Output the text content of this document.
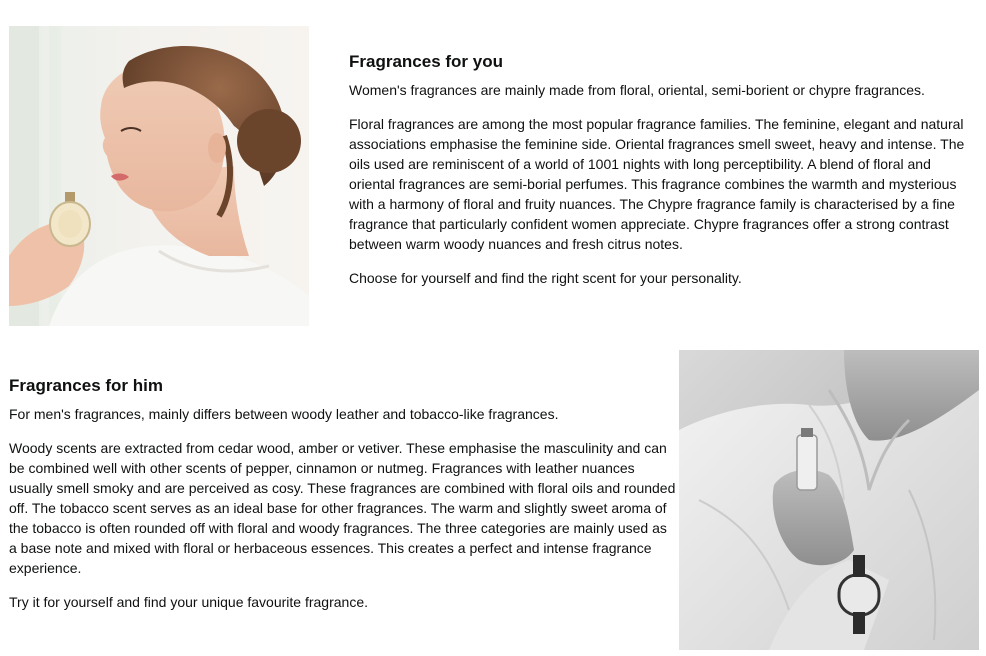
Fragrances for you

Women's fragrances are mainly made from floral, oriental, semi-borient or chypre fragrances.

Floral fragrances are among the most popular fragrance families. The feminine, elegant and natural associations emphasise the feminine side. Oriental fragrances smell sweet, heavy and intense. The oils used are reminiscent of a world of 1001 nights with long perceptibility. A blend of floral and oriental fragrances are semi-borial perfumes. This fragrance combines the warmth and mysterious with a harmony of floral and fruity nuances. The Chypre fragrance family is characterised by a fine fragrance that particularly confident women appreciate. Chypre fragrances offer a strong contrast between warm woody nuances and fresh citrus notes.

Choose for yourself and find the right scent for your personality.

Fragrances for him

For men's fragrances, mainly differs between woody leather and tobacco-like fragrances.

Woody scents are extracted from cedar wood, amber or vetiver. These emphasise the masculinity and can be combined well with other scents of pepper, cinnamon or nutmeg. Fragrances with leather nuances usually smell smoky and are perceived as cosy. These fragrances are combined with floral oils and rounded off. The tobacco scent serves as an ideal base for other fragrances. The warm and slightly sweet aroma of the tobacco is often rounded off with floral and woody fragrances. The three categories are mainly used as a base note and mixed with floral or herbaceous essences. This creates a perfect and intense fragrance experience.

Try it for yourself and find your unique favourite fragrance.
